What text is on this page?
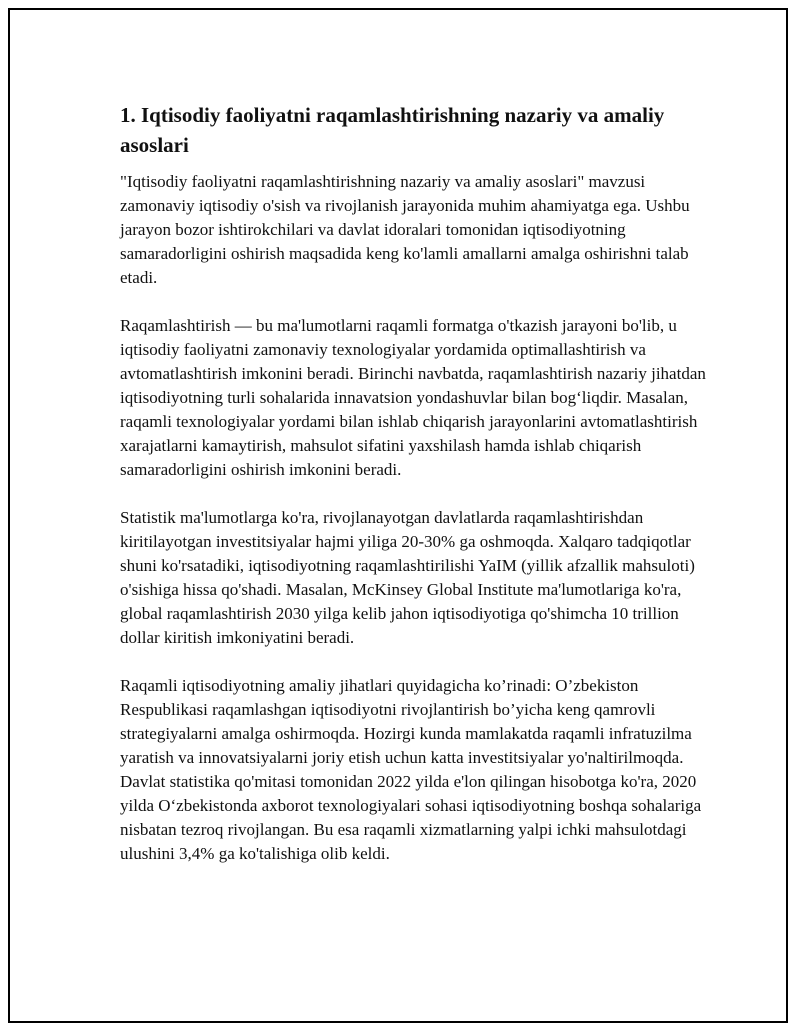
1. Iqtisodiy faoliyatni raqamlashtirishning nazariy va amaliy asoslari

"Iqtisodiy faoliyatni raqamlashtirishning nazariy va amaliy asoslari" mavzusi zamonaviy iqtisodiy o'sish va rivojlanish jarayonida muhim ahamiyatga ega. Ushbu jarayon bozor ishtirokchilari va davlat idoralari tomonidan iqtisodiyotning samaradorligini oshirish maqsadida keng ko'lamli amallarni amalga oshirishni talab etadi.

Raqamlashtirish — bu ma'lumotlarni raqamli formatga o'tkazish jarayoni bo'lib, u iqtisodiy faoliyatni zamonaviy texnologiyalar yordamida optimallashtirish va avtomatlashtirish imkonini beradi. Birinchi navbatda, raqamlashtirish nazariy jihatdan iqtisodiyotning turli sohalarida innavatsion yondashuvlar bilan bog‘liqdir. Masalan, raqamli texnologiyalar yordami bilan ishlab chiqarish jarayonlarini avtomatlashtirish xarajatlarni kamaytirish, mahsulot sifatini yaxshilash hamda ishlab chiqarish samaradorligini oshirish imkonini beradi.

Statistik ma'lumotlarga ko'ra, rivojlanayotgan davlatlarda raqamlashtirishdan kiritilayotgan investitsiyalar hajmi yiliga 20-30% ga oshmoqda. Xalqaro tadqiqotlar shuni ko'rsatadiki, iqtisodiyotning raqamlashtirilishi YaIM (yillik afzallik mahsuloti) o'sishiga hissa qo'shadi. Masalan, McKinsey Global Institute ma'lumotlariga ko'ra, global raqamlashtirish 2030 yilga kelib jahon iqtisodiyotiga qo'shimcha 10 trillion dollar kiritish imkoniyatini beradi.

Raqamli iqtisodiyotning amaliy jihatlari quyidagicha ko’rinadi: O’zbekiston Respublikasi raqamlashgan iqtisodiyotni rivojlantirish bo’yicha keng qamrovli strategiyalarni amalga oshirmoqda. Hozirgi kunda mamlakatda raqamli infratuzilma yaratish va innovatsiyalarni joriy etish uchun katta investitsiyalar yo'naltirilmoqda. Davlat statistika qo'mitasi tomonidan 2022 yilda e'lon qilingan hisobotga ko'ra, 2020 yilda O‘zbekistonda axborot texnologiyalari sohasi iqtisodiyotning boshqa sohalariga nisbatan tezroq rivojlangan. Bu esa raqamli xizmatlarning yalpi ichki mahsulotdagi ulushini 3,4% ga ko'talishiga olib keldi.
